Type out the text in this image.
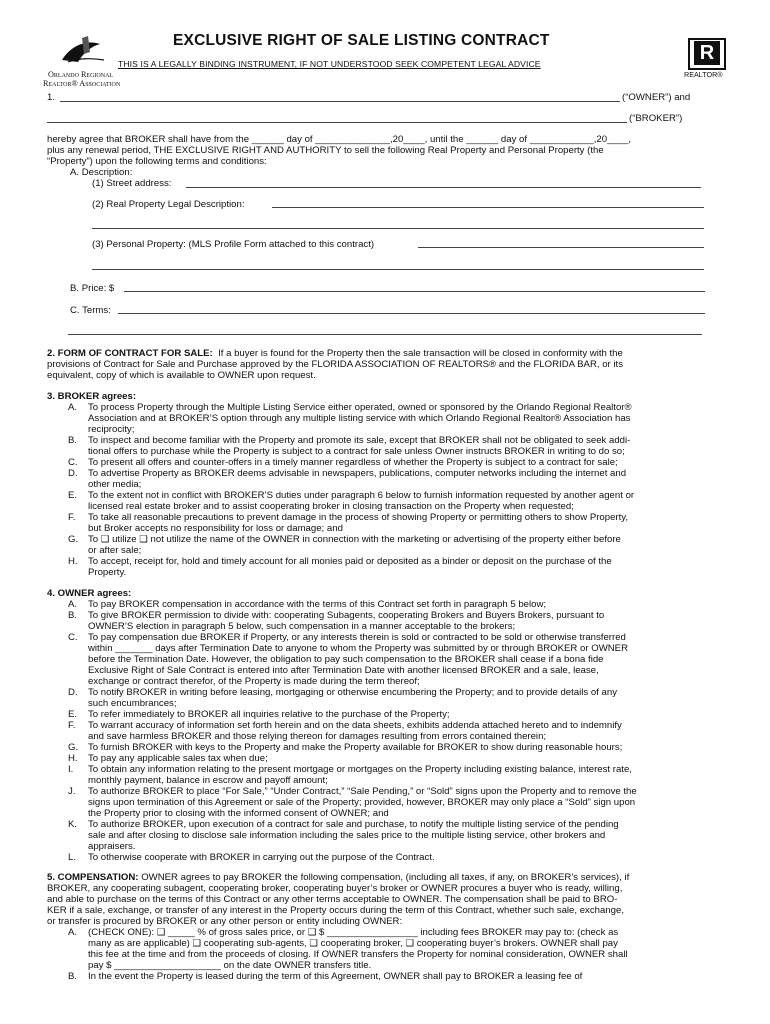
Orlando Regional
Realtor® Association
EXCLUSIVE RIGHT OF SALE LISTING CONTRACT
THIS IS A LEGALLY BINDING INSTRUMENT, IF NOT UNDERSTOOD SEEK COMPETENT LEGAL ADVICE	R
REALTOR®
1.	(“OWNER”) and
(“BROKER”)
hereby agree that BROKER shall have from the ______ day of ______________,20____, until the ______ day of ____________,20____,
plus any renewal period, THE EXCLUSIVE RIGHT AND AUTHORITY to sell the following Real Property and Personal Property (the
“Property”) upon the following terms and conditions:
A. Description:
(1) Street address:
(2) Real Property Legal Description:
(3) Personal Property: (MLS Profile Form attached to this contract)
B. Price: $
C. Terms:
2. FORM OF CONTRACT FOR SALE: If a buyer is found for the Property then the sale transaction will be closed in conformity with the
provisions of Contract for Sale and Purchase approved by the FLORIDA ASSOCIATION OF REALTORS® and the FLORIDA BAR, or its
equivalent, copy of which is available to OWNER upon request.
3. BROKER agrees:
A.	To process Property through the Multiple Listing Service either operated, owned or sponsored by the Orlando Regional Realtor®
Association and at BROKER’S option through any multiple listing service with which Orlando Regional Realtor® Association has
reciprocity;
B.	To inspect and become familiar with the Property and promote its sale, except that BROKER shall not be obligated to seek addi-
tional offers to purchase while the Property is subject to a contract for sale unless Owner instructs BROKER in writing to do so;
C.	To present all offers and counter-offers in a timely manner regardless of whether the Property is subject to a contract for sale;
D.	To advertise Property as BROKER deems advisable in newspapers, publications, computer networks including the internet and
other media;
E.	To the extent not in conflict with BROKER’S duties under paragraph 6 below to furnish information requested by another agent or
licensed real estate broker and to assist cooperating broker in closing transaction on the Property when requested;
F.	To take all reasonable precautions to prevent damage in the process of showing Property or permitting others to show Property,
but Broker accepts no responsibility for loss or damage; and
G.	To ❑ utilize ❑ not utilize the name of the OWNER in connection with the marketing or advertising of the property either before
or after sale;
H.	To accept, receipt for, hold and timely account for all monies paid or deposited as a binder or deposit on the purchase of the
Property.
4. OWNER agrees:
A.	To pay BROKER compensation in accordance with the terms of this Contract set forth in paragraph 5 below;
B.	To give BROKER permission to divide with: cooperating Subagents, cooperating Brokers and Buyers Brokers, pursuant to
OWNER’S election in paragraph 5 below, such compensation in a manner acceptable to the brokers;
C.	To pay compensation due BROKER if Property, or any interests therein is sold or contracted to be sold or otherwise transferred
within _______ days after Termination Date to anyone to whom the Property was submitted by or through BROKER or OWNER
before the Termination Date. However, the obligation to pay such compensation to the BROKER shall cease if a bona fide
Exclusive Right of Sale Contract is entered into after Termination Date with another licensed BROKER and a sale, lease,
exchange or contract therefor, of the Property is made during the term thereof;
D.	To notify BROKER in writing before leasing, mortgaging or otherwise encumbering the Property; and to provide details of any
such encumbrances;
E.	To refer immediately to BROKER all inquiries relative to the purchase of the Property;
F.	To warrant accuracy of information set forth herein and on the data sheets, exhibits addenda attached hereto and to indemnify
and save harmless BROKER and those relying thereon for damages resulting from errors contained therein;
G.	To furnish BROKER with keys to the Property and make the Property available for BROKER to show during reasonable hours;
H.	To pay any applicable sales tax when due;
I.	To obtain any information relating to the present mortgage or mortgages on the Property including existing balance, interest rate,
monthly payment, balance in escrow and payoff amount;
J.	To authorize BROKER to place “For Sale,” “Under Contract,” “Sale Pending,” or “Sold” signs upon the Property and to remove the
signs upon termination of this Agreement or sale of the Property; provided, however, BROKER may only place a “Sold” sign upon
the Property prior to closing with the informed consent of OWNER; and
K.	To authorize BROKER, upon execution of a contract for sale and purchase, to notify the multiple listing service of the pending
sale and after closing to disclose sale information including the sales price to the multiple listing service, other brokers and
appraisers.
L.	To otherwise cooperate with BROKER in carrying out the purpose of the Contract.
5. COMPENSATION: OWNER agrees to pay BROKER the following compensation, (including all taxes, if any, on BROKER’s services), if
BROKER, any cooperating subagent, cooperating broker, cooperating buyer’s broker or OWNER procures a buyer who is ready, willing,
and able to purchase on the terms of this Contract or any other terms acceptable to OWNER. The compensation shall be paid to BRO-
KER if a sale, exchange, or transfer of any interest in the Property occurs during the term of this Contract, whether such sale, exchange,
or transfer is procured by BROKER or any other person or entity including OWNER:
A.	(CHECK ONE): ❑ _____ % of gross sales price, or ❑ $ _________________ including fees BROKER may pay to: (check as
many as are applicable) ❑ cooperating sub-agents, ❑ cooperating broker, ❑ cooperating buyer’s brokers. OWNER shall pay
this fee at the time and from the proceeds of closing. If OWNER transfers the Property for nominal consideration, OWNER shall
pay $ ____________________ on the date OWNER transfers title.
B.	In the event the Property is leased during the term of this Agreement, OWNER shall pay to BROKER a leasing fee of
